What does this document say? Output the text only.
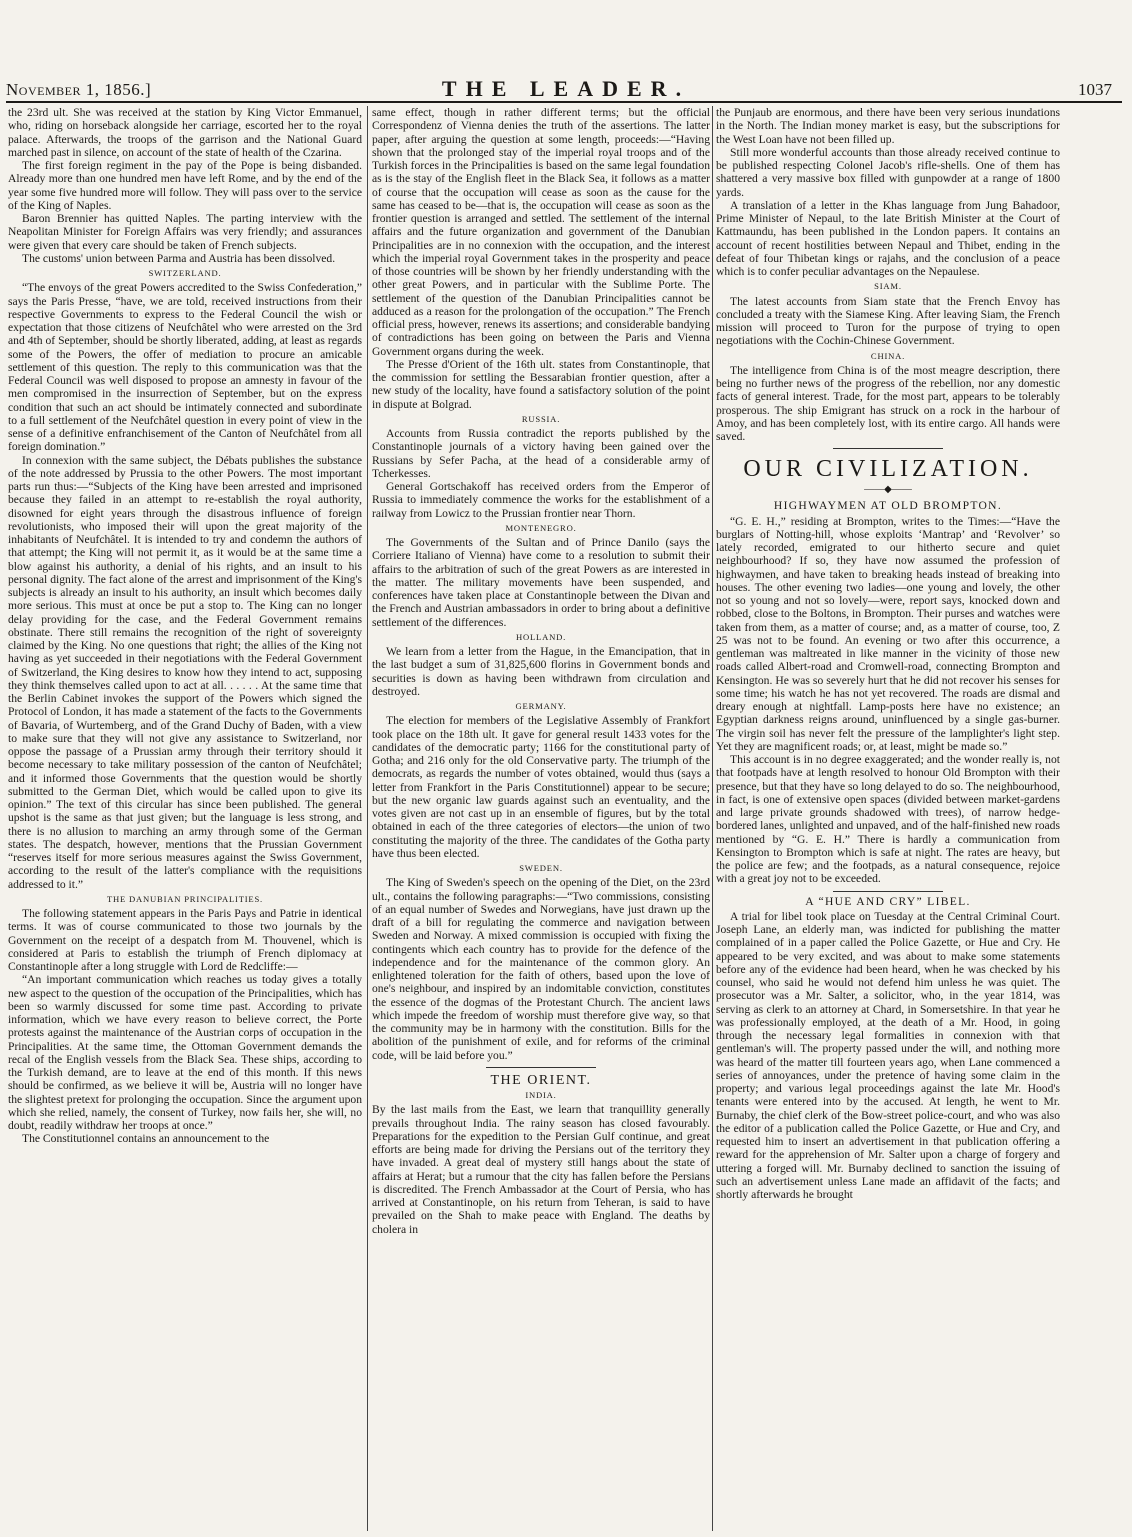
November 1, 1856.]	THE LEADER.	1037

the 23rd ult. She was received at the station by King Victor Emmanuel, who, riding on horseback alongside her carriage, escorted her to the royal palace. Afterwards, the troops of the garrison and the National Guard marched past in silence, on account of the state of health of the Czarina.

The first foreign regiment in the pay of the Pope is being disbanded. Already more than one hundred men have left Rome, and by the end of the year some five hundred more will follow. They will pass over to the service of the King of Naples.

Baron Brennier has quitted Naples. The parting interview with the Neapolitan Minister for Foreign Affairs was very friendly; and assurances were given that every care should be taken of French subjects.

The customs' union between Parma and Austria has been dissolved.

SWITZERLAND.

“The envoys of the great Powers accredited to the Swiss Confederation,” says the Paris Presse, “have, we are told, received instructions from their respective Governments to express to the Federal Council the wish or expectation that those citizens of Neufchâtel who were arrested on the 3rd and 4th of September, should be shortly liberated, adding, at least as regards some of the Powers, the offer of mediation to procure an amicable settlement of this question. The reply to this communication was that the Federal Council was well disposed to propose an amnesty in favour of the men compromised in the insurrection of September, but on the express condition that such an act should be intimately connected and subordinate to a full settlement of the Neufchâtel question in every point of view in the sense of a definitive enfranchisement of the Canton of Neufchâtel from all foreign domination.”

In connexion with the same subject, the Débats publishes the substance of the note addressed by Prussia to the other Powers. The most important parts run thus:—“Subjects of the King have been arrested and imprisoned because they failed in an attempt to re-establish the royal authority, disowned for eight years through the disastrous influence of foreign revolutionists, who imposed their will upon the great majority of the inhabitants of Neufchâtel. It is intended to try and condemn the authors of that attempt; the King will not permit it, as it would be at the same time a blow against his authority, a denial of his rights, and an insult to his personal dignity. The fact alone of the arrest and imprisonment of the King's subjects is already an insult to his authority, an insult which becomes daily more serious. This must at once be put a stop to. The King can no longer delay providing for the case, and the Federal Government remains obstinate. There still remains the recognition of the right of sovereignty claimed by the King. No one questions that right; the allies of the King not having as yet succeeded in their negotiations with the Federal Government of Switzerland, the King desires to know how they intend to act, supposing they think themselves called upon to act at all. . . . . . At the same time that the Berlin Cabinet invokes the support of the Powers which signed the Protocol of London, it has made a statement of the facts to the Governments of Bavaria, of Wurtemberg, and of the Grand Duchy of Baden, with a view to make sure that they will not give any assistance to Switzerland, nor oppose the passage of a Prussian army through their territory should it become necessary to take military possession of the canton of Neufchâtel; and it informed those Governments that the question would be shortly submitted to the German Diet, which would be called upon to give its opinion.” The text of this circular has since been published. The general upshot is the same as that just given; but the language is less strong, and there is no allusion to marching an army through some of the German states. The despatch, however, mentions that the Prussian Government “reserves itself for more serious measures against the Swiss Government, according to the result of the latter's compliance with the requisitions addressed to it.”

THE DANUBIAN PRINCIPALITIES.

The following statement appears in the Paris Pays and Patrie in identical terms. It was of course communicated to those two journals by the Government on the receipt of a despatch from M. Thouvenel, which is considered at Paris to establish the triumph of French diplomacy at Constantinople after a long struggle with Lord de Redcliffe:—

“An important communication which reaches us today gives a totally new aspect to the question of the occupation of the Principalities, which has been so warmly discussed for some time past. According to private information, which we have every reason to believe correct, the Porte protests against the maintenance of the Austrian corps of occupation in the Principalities. At the same time, the Ottoman Government demands the recal of the English vessels from the Black Sea. These ships, according to the Turkish demand, are to leave at the end of this month. If this news should be confirmed, as we believe it will be, Austria will no longer have the slightest pretext for prolonging the occupation. Since the argument upon which she relied, namely, the consent of Turkey, now fails her, she will, no doubt, readily withdraw her troops at once.”

The Constitutionnel contains an announcement to the

same effect, though in rather different terms; but the official Correspondenz of Vienna denies the truth of the assertions. The latter paper, after arguing the question at some length, proceeds:—“Having shown that the prolonged stay of the imperial royal troops and of the Turkish forces in the Principalities is based on the same legal foundation as is the stay of the English fleet in the Black Sea, it follows as a matter of course that the occupation will cease as soon as the cause for the same has ceased to be—that is, the occupation will cease as soon as the frontier question is arranged and settled. The settlement of the internal affairs and the future organization and government of the Danubian Principalities are in no connexion with the occupation, and the interest which the imperial royal Government takes in the prosperity and peace of those countries will be shown by her friendly understanding with the other great Powers, and in particular with the Sublime Porte. The settlement of the question of the Danubian Principalities cannot be adduced as a reason for the prolongation of the occupation.” The French official press, however, renews its assertions; and considerable bandying of contradictions has been going on between the Paris and Vienna Government organs during the week.

The Presse d'Orient of the 16th ult. states from Constantinople, that the commission for settling the Bessarabian frontier question, after a new study of the locality, have found a satisfactory solution of the point in dispute at Bolgrad.

RUSSIA.

Accounts from Russia contradict the reports published by the Constantinople journals of a victory having been gained over the Russians by Sefer Pacha, at the head of a considerable army of Tcherkesses.

General Gortschakoff has received orders from the Emperor of Russia to immediately commence the works for the establishment of a railway from Lowicz to the Prussian frontier near Thorn.

MONTENEGRO.

The Governments of the Sultan and of Prince Danilo (says the Corriere Italiano of Vienna) have come to a resolution to submit their affairs to the arbitration of such of the great Powers as are interested in the matter. The military movements have been suspended, and conferences have taken place at Constantinople between the Divan and the French and Austrian ambassadors in order to bring about a definitive settlement of the differences.

HOLLAND.

We learn from a letter from the Hague, in the Emancipation, that in the last budget a sum of 31,825,600 florins in Government bonds and securities is down as having been withdrawn from circulation and destroyed.

GERMANY.

The election for members of the Legislative Assembly of Frankfort took place on the 18th ult. It gave for general result 1433 votes for the candidates of the democratic party; 1166 for the constitutional party of Gotha; and 216 only for the old Conservative party. The triumph of the democrats, as regards the number of votes obtained, would thus (says a letter from Frankfort in the Paris Constitutionnel) appear to be secure; but the new organic law guards against such an eventuality, and the votes given are not cast up in an ensemble of figures, but by the total obtained in each of the three categories of electors—the union of two constituting the majority of the three. The candidates of the Gotha party have thus been elected.

SWEDEN.

The King of Sweden's speech on the opening of the Diet, on the 23rd ult., contains the following paragraphs:—“Two commissions, consisting of an equal number of Swedes and Norwegians, have just drawn up the draft of a bill for regulating the commerce and navigation between Sweden and Norway. A mixed commission is occupied with fixing the contingents which each country has to provide for the defence of the independence and for the maintenance of the common glory. An enlightened toleration for the faith of others, based upon the love of one's neighbour, and inspired by an indomitable conviction, constitutes the essence of the dogmas of the Protestant Church. The ancient laws which impede the freedom of worship must therefore give way, so that the community may be in harmony with the constitution. Bills for the abolition of the punishment of exile, and for reforms of the criminal code, will be laid before you.”

THE ORIENT.
INDIA.

By the last mails from the East, we learn that tranquillity generally prevails throughout India. The rainy season has closed favourably. Preparations for the expedition to the Persian Gulf continue, and great efforts are being made for driving the Persians out of the territory they have invaded. A great deal of mystery still hangs about the state of affairs at Herat; but a rumour that the city has fallen before the Persians is discredited. The French Ambassador at the Court of Persia, who has arrived at Constantinople, on his return from Teheran, is said to have prevailed on the Shah to make peace with England. The deaths by cholera in

the Punjaub are enormous, and there have been very serious inundations in the North. The Indian money market is easy, but the subscriptions for the West Loan have not been filled up.

Still more wonderful accounts than those already received continue to be published respecting Colonel Jacob's rifle-shells. One of them has shattered a very massive box filled with gunpowder at a range of 1800 yards.

A translation of a letter in the Khas language from Jung Bahadoor, Prime Minister of Nepaul, to the late British Minister at the Court of Kattmaundu, has been published in the London papers. It contains an account of recent hostilities between Nepaul and Thibet, ending in the defeat of four Thibetan kings or rajahs, and the conclusion of a peace which is to confer peculiar advantages on the Nepaulese.

SIAM.

The latest accounts from Siam state that the French Envoy has concluded a treaty with the Siamese King. After leaving Siam, the French mission will proceed to Turon for the purpose of trying to open negotiations with the Cochin-Chinese Government.

CHINA.

The intelligence from China is of the most meagre description, there being no further news of the progress of the rebellion, nor any domestic facts of general interest. Trade, for the most part, appears to be tolerably prosperous. The ship Emigrant has struck on a rock in the harbour of Amoy, and has been completely lost, with its entire cargo. All hands were saved.

OUR CIVILIZATION.
——◆——
HIGHWAYMEN AT OLD BROMPTON.

“G. E. H.,” residing at Brompton, writes to the Times:—“Have the burglars of Notting-hill, whose exploits ‘Mantrap’ and ‘Revolver’ so lately recorded, emigrated to our hitherto secure and quiet neighbourhood? If so, they have now assumed the profession of highwaymen, and have taken to breaking heads instead of breaking into houses. The other evening two ladies—one young and lovely, the other not so young and not so lovely—were, report says, knocked down and robbed, close to the Boltons, in Brompton. Their purses and watches were taken from them, as a matter of course; and, as a matter of course, too, Z 25 was not to be found. An evening or two after this occurrence, a gentleman was maltreated in like manner in the vicinity of those new roads called Albert-road and Cromwell-road, connecting Brompton and Kensington. He was so severely hurt that he did not recover his senses for some time; his watch he has not yet recovered. The roads are dismal and dreary enough at nightfall. Lamp-posts here have no existence; an Egyptian darkness reigns around, uninfluenced by a single gas-burner. The virgin soil has never felt the pressure of the lamplighter's light step. Yet they are magnificent roads; or, at least, might be made so.”

This account is in no degree exaggerated; and the wonder really is, not that footpads have at length resolved to honour Old Brompton with their presence, but that they have so long delayed to do so. The neighbourhood, in fact, is one of extensive open spaces (divided between market-gardens and large private grounds shadowed with trees), of narrow hedge-bordered lanes, unlighted and unpaved, and of the half-finished new roads mentioned by “G. E. H.” There is hardly a communication from Kensington to Brompton which is safe at night. The rates are heavy, but the police are few; and the footpads, as a natural consequence, rejoice with a great joy not to be exceeded.

A “HUE AND CRY” LIBEL.

A trial for libel took place on Tuesday at the Central Criminal Court. Joseph Lane, an elderly man, was indicted for publishing the matter complained of in a paper called the Police Gazette, or Hue and Cry. He appeared to be very excited, and was about to make some statements before any of the evidence had been heard, when he was checked by his counsel, who said he would not defend him unless he was quiet. The prosecutor was a Mr. Salter, a solicitor, who, in the year 1814, was serving as clerk to an attorney at Chard, in Somersetshire. In that year he was professionally employed, at the death of a Mr. Hood, in going through the necessary legal formalities in connexion with that gentleman's will. The property passed under the will, and nothing more was heard of the matter till fourteen years ago, when Lane commenced a series of annoyances, under the pretence of having some claim in the property; and various legal proceedings against the late Mr. Hood's tenants were entered into by the accused. At length, he went to Mr. Burnaby, the chief clerk of the Bow-street police-court, and who was also the editor of a publication called the Police Gazette, or Hue and Cry, and requested him to insert an advertisement in that publication offering a reward for the apprehension of Mr. Salter upon a charge of forgery and uttering a forged will. Mr. Burnaby declined to sanction the issuing of such an advertisement unless Lane made an affidavit of the facts; and shortly afterwards he brought
